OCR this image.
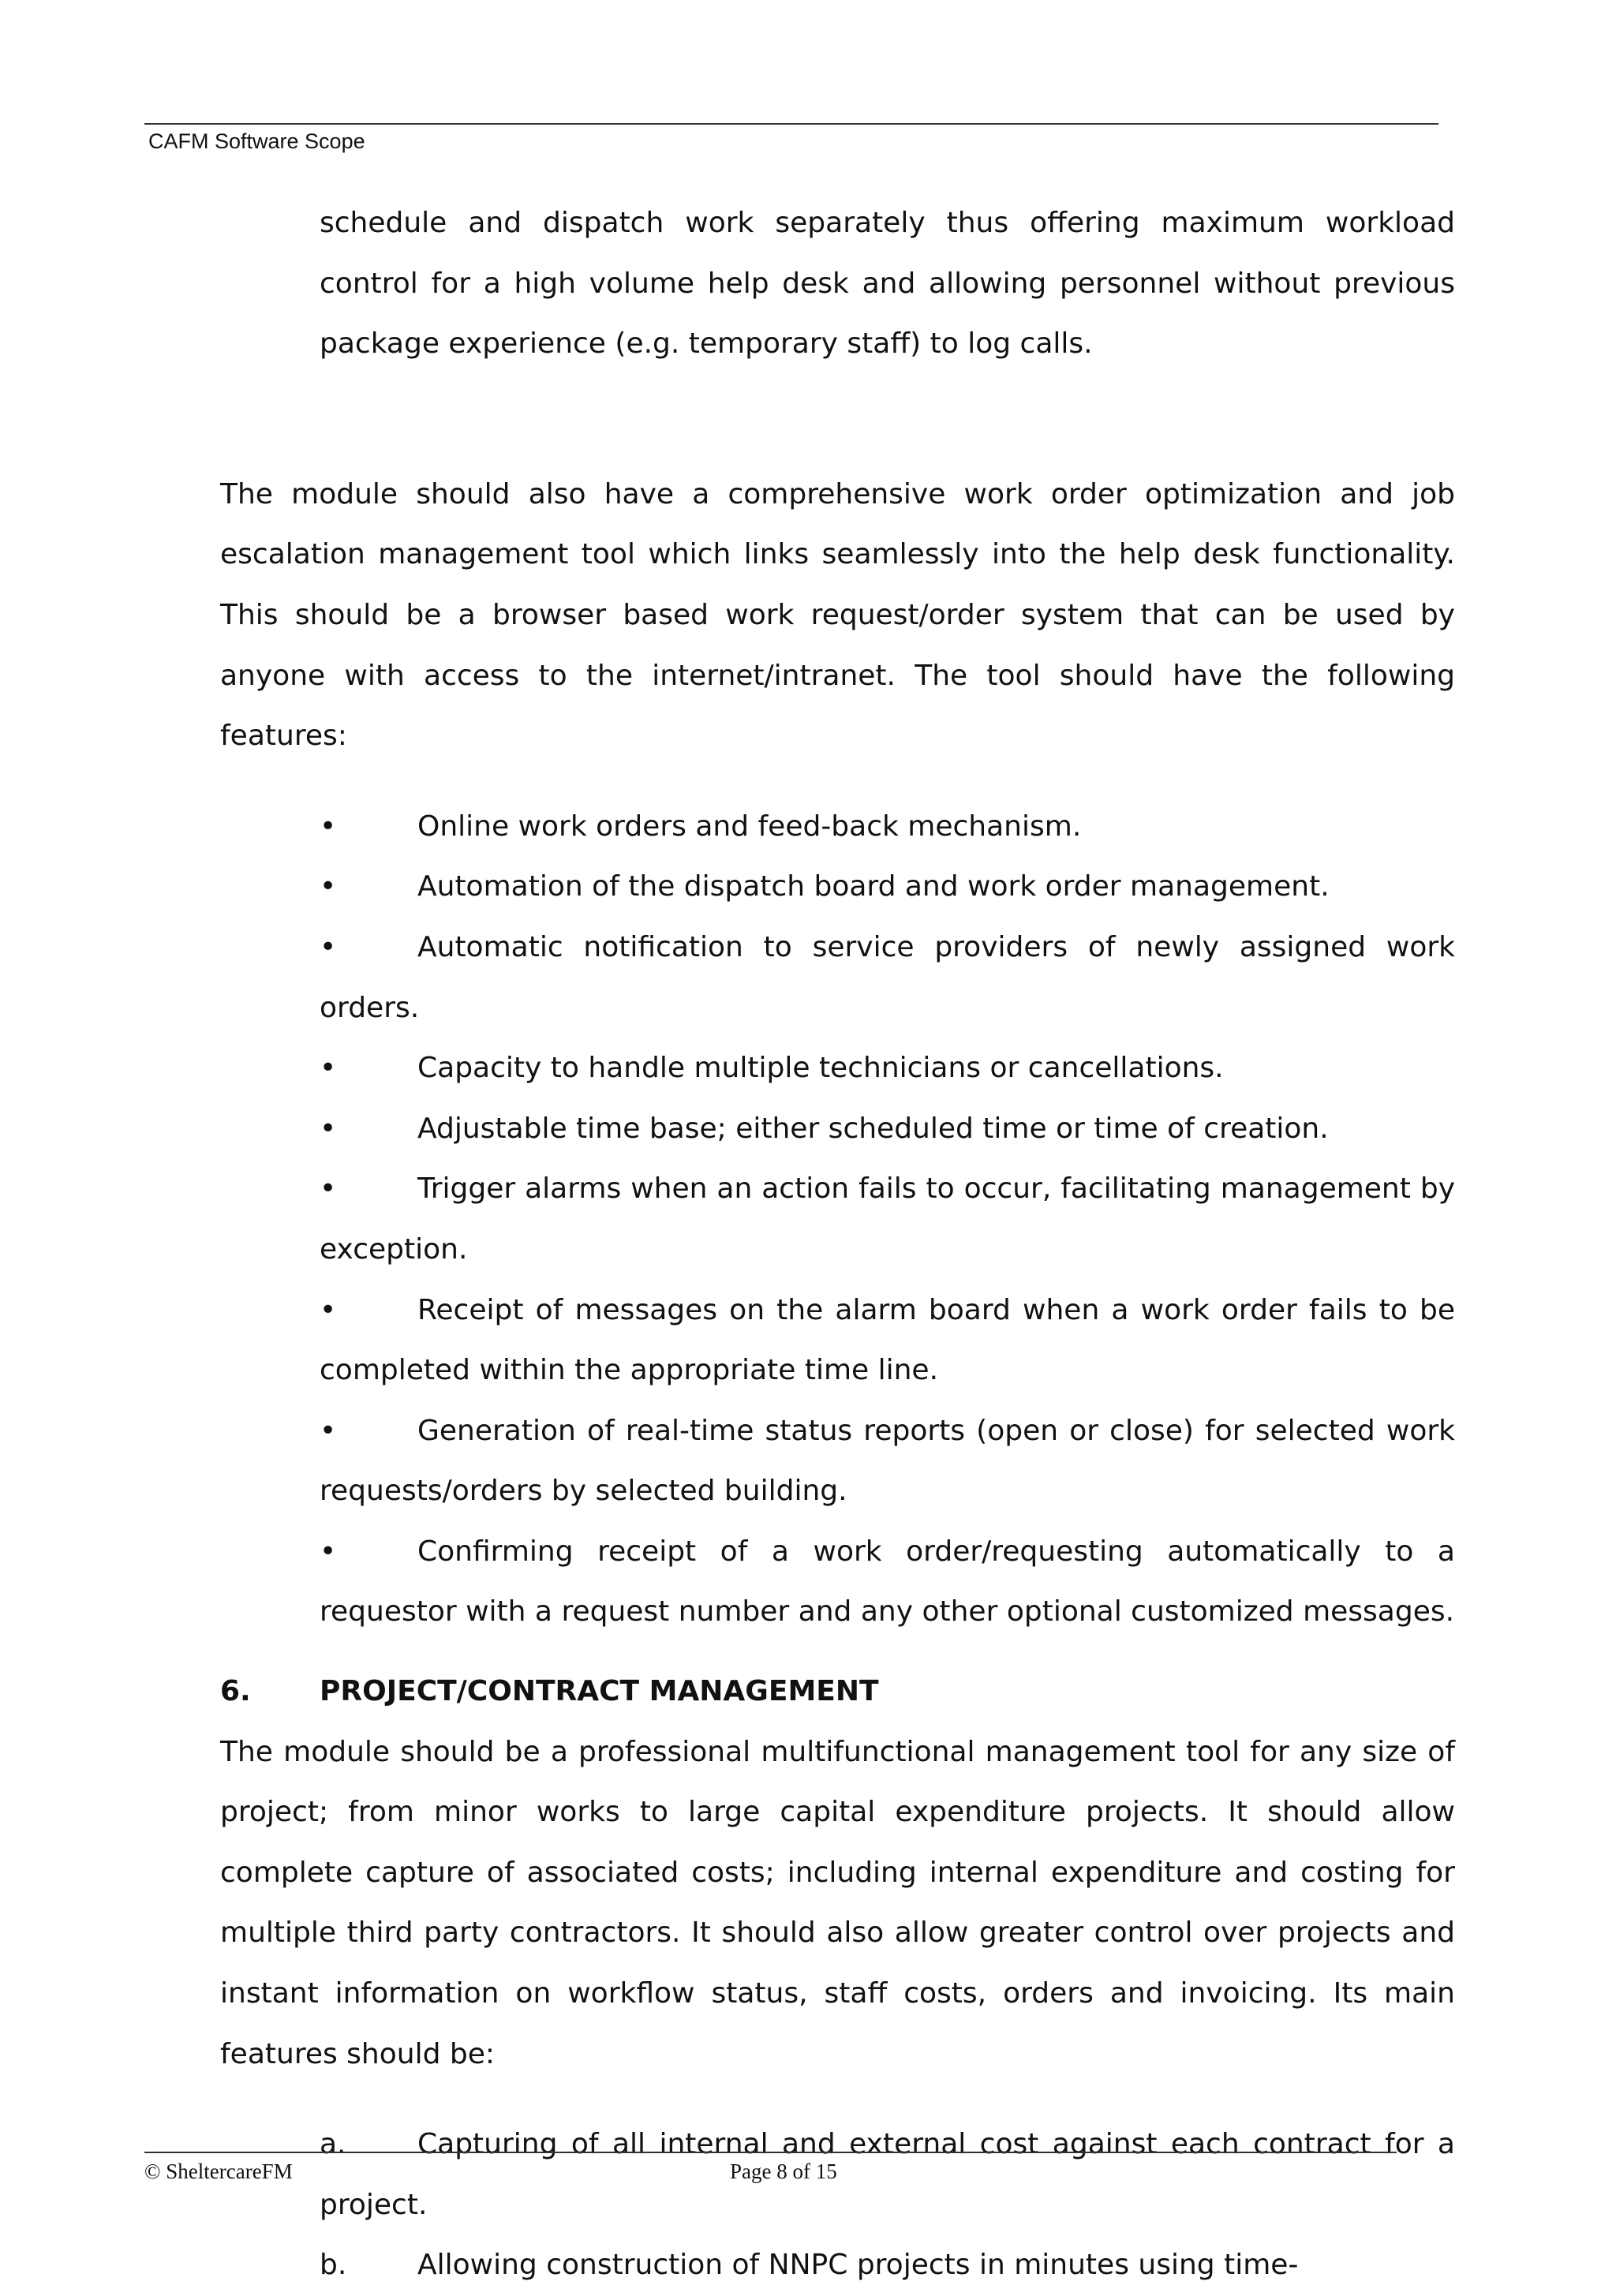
CAFM Software Scope

schedule and dispatch work separately thus offering maximum workload control for a high volume help desk and allowing personnel without previous package experience (e.g. temporary staff) to log calls.

The module should also have a comprehensive work order optimization and job escalation management tool which links seamlessly into the help desk functionality. This should be a browser based work request/order system that can be used by anyone with access to the internet/intranet. The tool should have the following features:

•	Online work orders and feed-back mechanism.
•	Automation of the dispatch board and work order management.
•	Automatic notification to service providers of newly assigned work orders.
•	Capacity to handle multiple technicians or cancellations.
•	Adjustable time base; either scheduled time or time of creation.
•	Trigger alarms when an action fails to occur, facilitating management by exception.
•	Receipt of messages on the alarm board when a work order fails to be completed within the appropriate time line.
•	Generation of real-time status reports (open or close) for selected work requests/orders by selected building.
•	Confirming receipt of a work order/requesting automatically to a requestor with a request number and any other optional customized messages.
6. PROJECT/CONTRACT MANAGEMENT

The module should be a professional multifunctional management tool for any size of project; from minor works to large capital expenditure projects. It should allow complete capture of associated costs; including internal expenditure and costing for multiple third party contractors. It should also allow greater control over projects and instant information on workflow status, staff costs, orders and invoicing. Its main features should be:

a.	Capturing of all internal and external cost against each contract for a project.
b.	Allowing construction of NNPC projects in minutes using time-
© SheltercareFM	Page 8 of 15
